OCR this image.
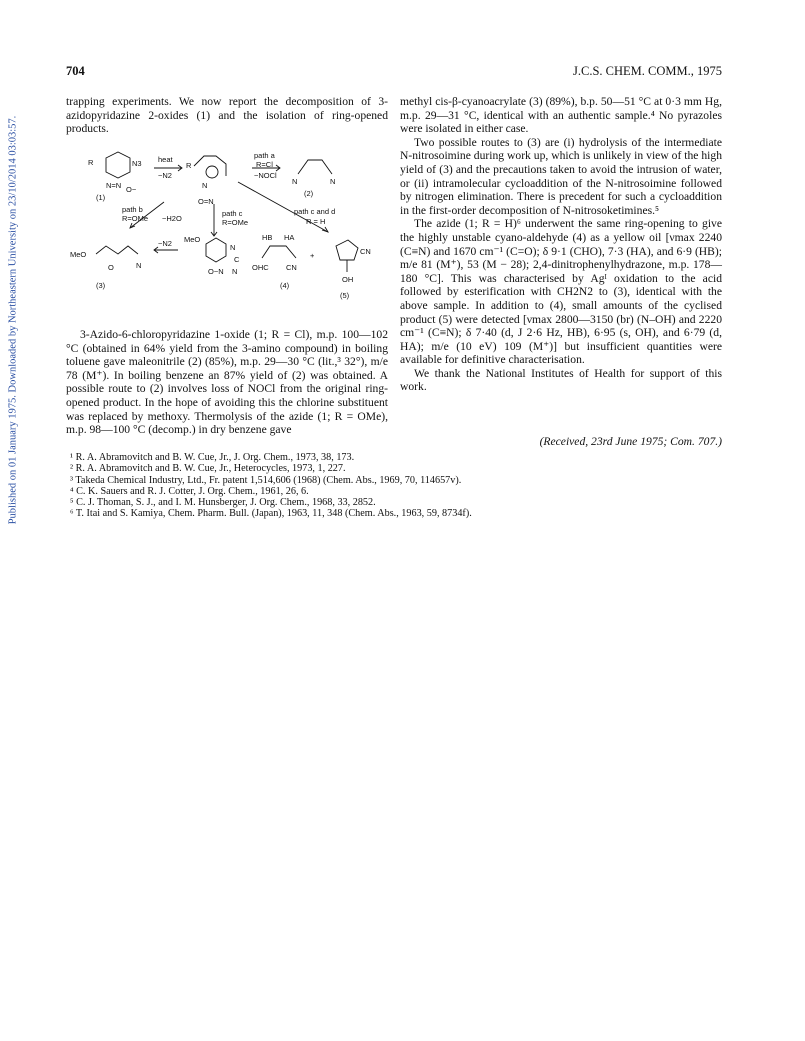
Published on 01 January 1975. Downloaded by Northeastern University on 23/10/2014 03:03:57.
704	J.C.S. CHEM. COMM., 1975

trapping experiments. We now report the decomposition of 3-azidopyridazine 2-oxides (1) and the isolation of ring-opened products.

R	N3
N=N O−
(1)
heat
−N2
R
path a
R=Cl
−NOCl
N
O=N
N	N
(2)
path b
R=OMe −H2O
path c
R=OMe
path c and d
R = H
MeO
O	N
(3)
−N2 MeO
O−N
N
C
N
HB HA
OHC CN
(4)
+	CN
OH
(5)

3-Azido-6-chloropyridazine 1-oxide (1; R = Cl), m.p. 100—102 °C (obtained in 64% yield from the 3-amino compound) in boiling toluene gave maleonitrile (2) (85%), m.p. 29—30 °C (lit.,³ 32°), m/e 78 (M⁺). In boiling benzene an 87% yield of (2) was obtained. A possible route to (2) involves loss of NOCl from the original ring-opened product. In the hope of avoiding this the chlorine substituent was replaced by methoxy. Thermolysis of the azide (1; R = OMe), m.p. 98—100 °C (decomp.) in dry benzene gave

methyl cis-β-cyanoacrylate (3) (89%), b.p. 50—51 °C at 0·3 mm Hg, m.p. 29—31 °C, identical with an authentic sample.⁴ No pyrazoles were isolated in either case.

Two possible routes to (3) are (i) hydrolysis of the intermediate N-nitrosoimine during work up, which is unlikely in view of the high yield of (3) and the precautions taken to avoid the intrusion of water, or (ii) intramolecular cycloaddition of the N-nitrosoimine followed by nitrogen elimination. There is precedent for such a cycloaddition in the first-order decomposition of N-nitrosoketimines.⁵

The azide (1; R = H)⁶ underwent the same ring-opening to give the highly unstable cyano-aldehyde (4) as a yellow oil [νmax 2240 (C≡N) and 1670 cm⁻¹ (C=O); δ 9·1 (CHO), 7·3 (HA), and 6·9 (HB); m/e 81 (M⁺), 53 (M − 28); 2,4-dinitrophenylhydrazone, m.p. 178—180 °C]. This was characterised by Agᴵ oxidation to the acid followed by esterification with CH2N2 to (3), identical with the above sample. In addition to (4), small amounts of the cyclised product (5) were detected [νmax 2800—3150 (br) (N–OH) and 2220 cm⁻¹ (C≡N); δ 7·40 (d, J 2·6 Hz, HB), 6·95 (s, OH), and 6·79 (d, HA); m/e (10 eV) 109 (M⁺)] but insufficient quantities were available for definitive characterisation.

We thank the National Institutes of Health for support of this work.

(Received, 23rd June 1975; Com. 707.)
¹ R. A. Abramovitch and B. W. Cue, Jr., J. Org. Chem., 1973, 38, 173.
² R. A. Abramovitch and B. W. Cue, Jr., Heterocycles, 1973, 1, 227.
³ Takeda Chemical Industry, Ltd., Fr. patent 1,514,606 (1968) (Chem. Abs., 1969, 70, 114657v).
⁴ C. K. Sauers and R. J. Cotter, J. Org. Chem., 1961, 26, 6.
⁵ C. J. Thoman, S. J., and I. M. Hunsberger, J. Org. Chem., 1968, 33, 2852.
⁶ T. Itai and S. Kamiya, Chem. Pharm. Bull. (Japan), 1963, 11, 348 (Chem. Abs., 1963, 59, 8734f).
